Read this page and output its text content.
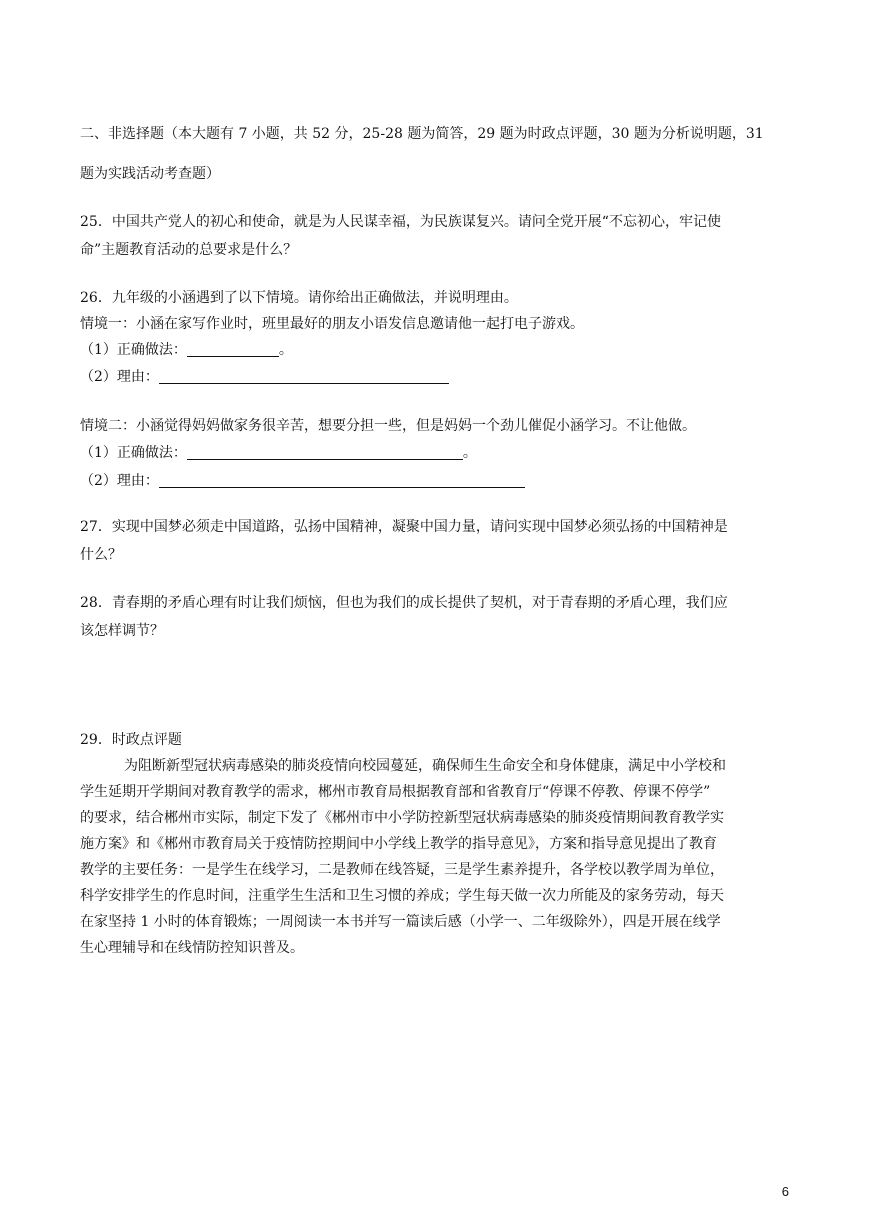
二、非选择题（本大题有 7 小题，共 52 分，25-28 题为简答，29 题为时政点评题，30 题为分析说明题，31
题为实践活动考查题）
25．中国共产党人的初心和使命，就是为人民谋幸福，为民族谋复兴。请问全党开展“不忘初心，牢记使
命”主题教育活动的总要求是什么？
26．九年级的小涵遇到了以下情境。请你给出正确做法，并说明理由。
情境一：小涵在家写作业时，班里最好的朋友小语发信息邀请他一起打电子游戏。
（1）正确做法：	。
（2）理由：
情境二：小涵觉得妈妈做家务很辛苦，想要分担一些，但是妈妈一个劲儿催促小涵学习。不让他做。
（1）正确做法：	。
（2）理由：
27．实现中国梦必须走中国道路，弘扬中国精神，凝聚中国力量，请问实现中国梦必须弘扬的中国精神是
什么？
28．青春期的矛盾心理有时让我们烦恼，但也为我们的成长提供了契机，对于青春期的矛盾心理，我们应
该怎样调节？
29．时政点评题
为阻断新型冠状病毒感染的肺炎疫情向校园蔓延，确保师生生命安全和身体健康，满足中小学校和
学生延期开学期间对教育教学的需求，郴州市教育局根据教育部和省教育厅“停课不停教、停课不停学”
的要求，结合郴州市实际，制定下发了《郴州市中小学防控新型冠状病毒感染的肺炎疫情期间教育教学实
施方案》和《郴州市教育局关于疫情防控期间中小学线上教学的指导意见》，方案和指导意见提出了教育
教学的主要任务：一是学生在线学习，二是教师在线答疑，三是学生素养提升，各学校以教学周为单位，
科学安排学生的作息时间，注重学生生活和卫生习惯的养成；学生每天做一次力所能及的家务劳动，每天
在家坚持 1 小时的体育锻炼；一周阅读一本书并写一篇读后感（小学一、二年级除外），四是开展在线学
生心理辅导和在线情防控知识普及。
6
